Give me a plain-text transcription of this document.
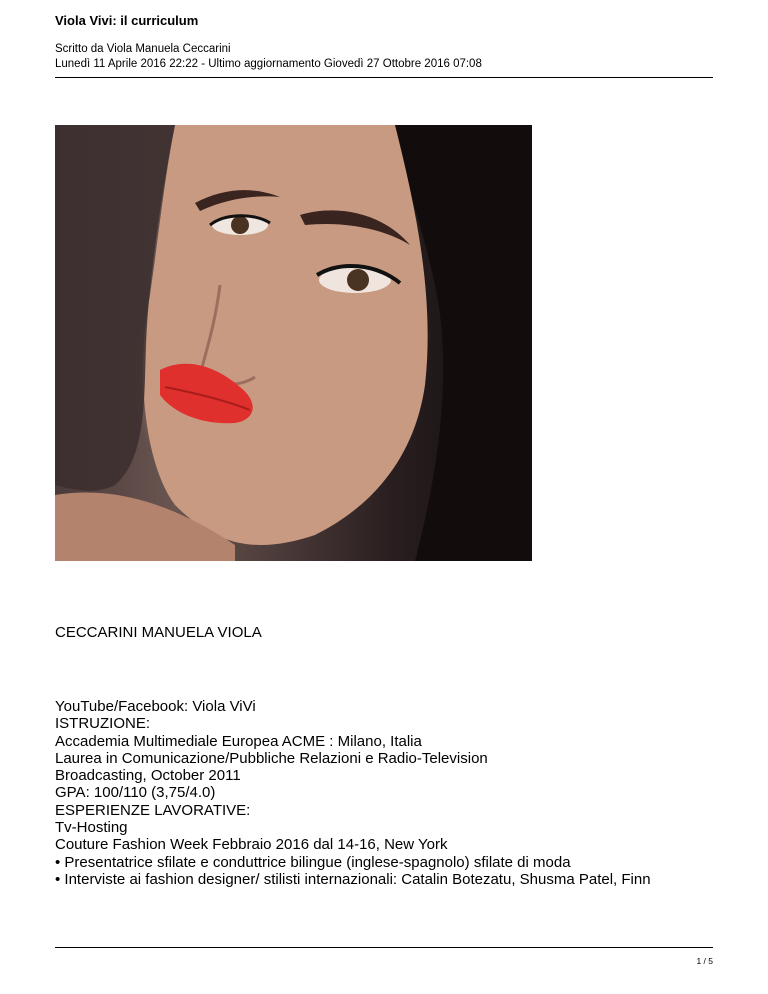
Viola Vivi: il curriculum
Scritto da Viola Manuela Ceccarini
Lunedì 11 Aprile 2016 22:22 - Ultimo aggiornamento Giovedì 27 Ottobre 2016 07:08
CECCARINI MANUELA VIOLA
YouTube/Facebook: Viola ViVi
ISTRUZIONE:
Accademia Multimediale Europea ACME : Milano, Italia
Laurea in Comunicazione/Pubbliche Relazioni e Radio-Television
Broadcasting, October 2011
GPA: 100/110 (3,75/4.0)
ESPERIENZE LAVORATIVE:
Tv-Hosting
Couture Fashion Week Febbraio 2016 dal 14-16, New York
• Presentatrice sfilate e conduttrice bilingue (inglese-spagnolo) sfilate di moda
• Interviste ai fashion designer/ stilisti internazionali: Catalin Botezatu, Shusma Patel, Finn
1 / 5
